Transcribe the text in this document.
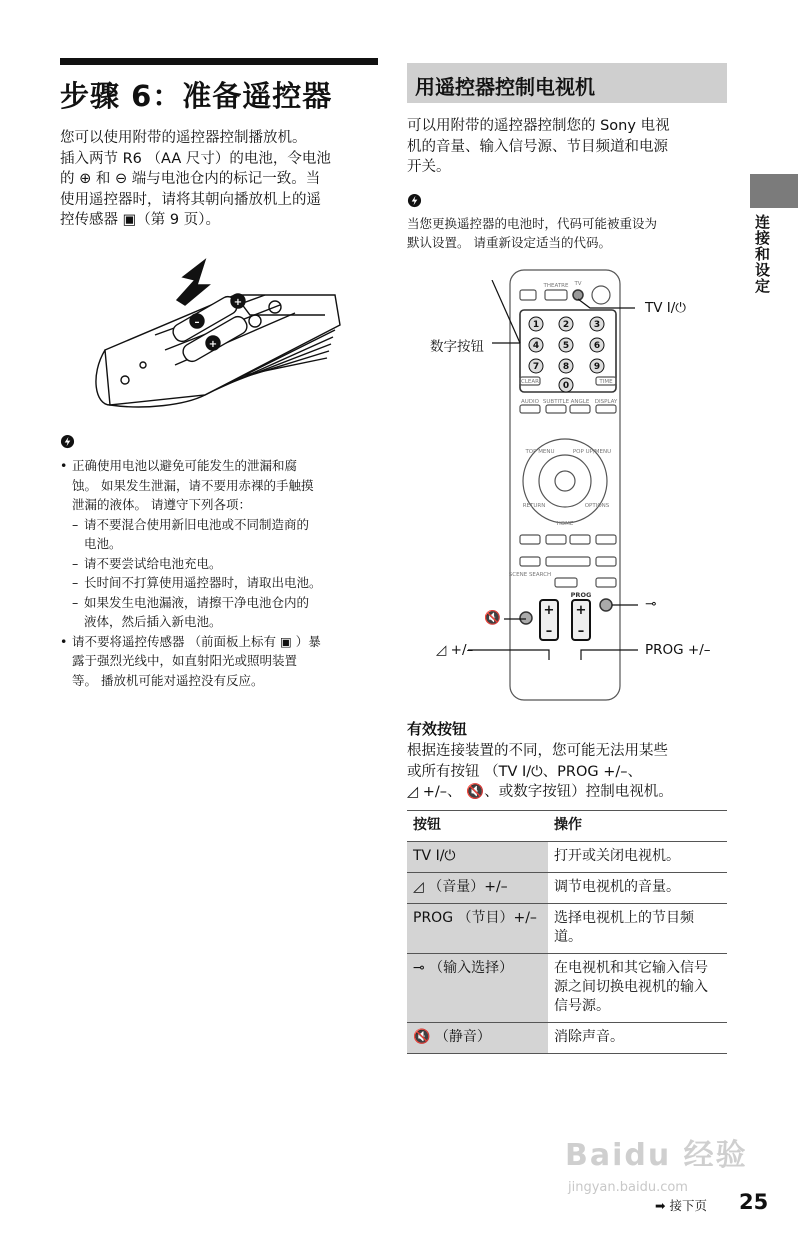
步骤 6：准备遥控器
您可以使用附带的遥控器控制播放机。
插入两节 R6 （AA 尺寸）的电池，令电池
的 ⊕ 和 ⊖ 端与电池仓内的标记一致。当
使用遥控器时，请将其朝向播放机上的遥
控传感器 ▣（第 9 页）。
+
–
+
• 正确使用电池以避免可能发生的泄漏和腐
蚀。 如果发生泄漏，请不要用赤裸的手触摸
泄漏的液体。 请遵守下列各项：
– 请不要混合使用新旧电池或不同制造商的
电池。
– 请不要尝试给电池充电。
– 长时间不打算使用遥控器时，请取出电池。
– 如果发生电池漏液，请擦干净电池仓内的
液体，然后插入新电池。
• 请不要将遥控传感器 （前面板上标有 ▣ ）暴
露于强烈光线中，如直射阳光或照明装置
等。 播放机可能对遥控没有反应。
用遥控器控制电视机
可以用附带的遥控器控制您的 Sony 电视
机的音量、输入信号源、节目频道和电源
开关。
当您更换遥控器的电池时，代码可能被重设为
默认设置。 请重新设定适当的代码。
+
–
+
–
THEATRE TV
CLEAR	TIME
AUDIO SUBTITLE ANGLE DISPLAY
TOP MENU	POP UP/MENU
RETURN	OPTIONS
HOME
SCENE SEARCH
PROG
1	2	3
4	5	6
7	8	9
0
TV I/⏻
数字按钮
⊸
🔇
◿ +/–	PROG +/–
有效按钮
根据连接装置的不同，您可能无法用某些
或所有按钮 （TV I/⏻、PROG +/–、
◿ +/–、 🔇、或数字按钮）控制电视机。
按钮	操作
TV I/⏻	打开或关闭电视机。
◿ （音量）+/–	调节电视机的音量。
PROG （节目）+/–	选择电视机上的节目频道。
⊸ （输入选择）	在电视机和其它输入信号源之间切换电视机的输入信号源。
🔇 （静音）	消除声音。
连接和设定
Baidu 经验
jingyan.baidu.com
➡ 接下页 25
